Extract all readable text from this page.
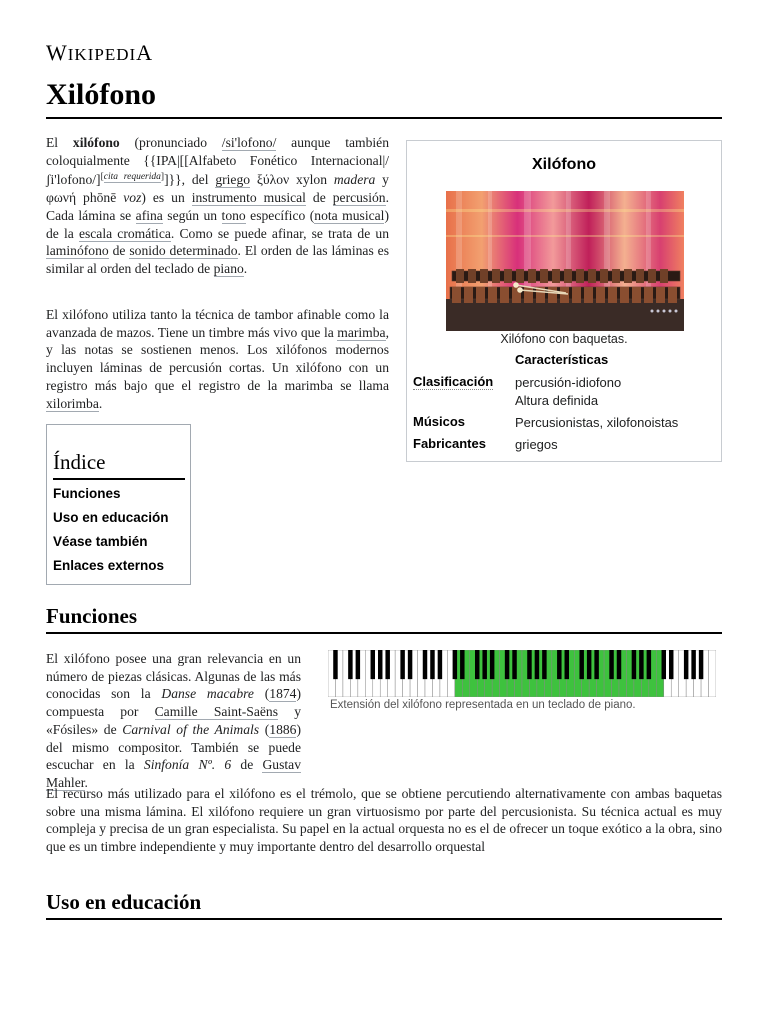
WIKIPEDIA
Xilófono

El xilófono (pronunciado /si'lofono/ aunque también coloquialmente {{IPA|[[Alfabeto Fonético Internacional|/ʃi'lofono/][cita requerida]]}}, del griego ξύλον xylon madera y φωνή phōnē voz) es un instrumento musical de percusión. Cada lámina se afina según un tono específico (nota musical) de la escala cromática. Como se puede afinar, se trata de un laminófono de sonido determinado. El orden de las láminas es similar al orden del teclado de piano.

El xilófono utiliza tanto la técnica de tambor afinable como la avanzada de mazos. Tiene un timbre más vivo que la marimba, y las notas se sostienen menos. Los xilófonos modernos incluyen láminas de percusión cortas. Un xilófono con un registro más bajo que el registro de la marimba se llama xilorimba.

Xilófono
Xilófono con baquetas.
Características
Clasificación percusión-idiofono
Altura definida
Músicos	Percusionistas, xilofonoistas
Fabricantes griegos
Índice
Funciones
Uso en educación
Véase también
Enlaces externos
Funciones
Extensión del xilófono representada en un teclado de piano.

El xilófono posee una gran relevancia en un número de piezas clásicas. Algunas de las más conocidas son la Danse macabre (1874) compuesta por Camille Saint-Saëns y «Fósiles» de Carnival of the Animals (1886) del mismo compositor. También se puede escuchar en la Sinfonía Nº. 6 de Gustav Mahler.

El recurso más utilizado para el xilófono es el trémolo, que se obtiene percutiendo alternativamente con ambas baquetas sobre una misma lámina. El xilófono requiere un gran virtuosismo por parte del percusionista. Su técnica actual es muy compleja y precisa de un gran especialista. Su papel en la actual orquesta no es el de ofrecer un toque exótico a la obra, sino que es un timbre independiente y muy importante dentro del desarrollo orquestal

Uso en educación
